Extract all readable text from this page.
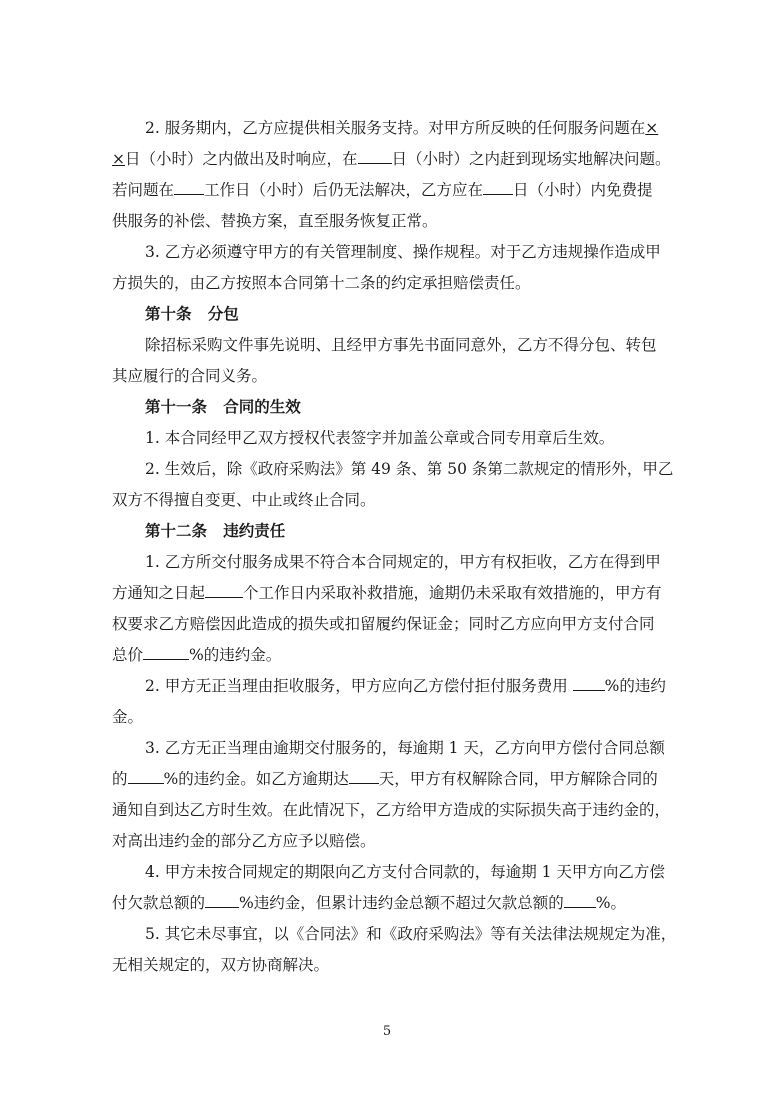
2. 服务期内，乙方应提供相关服务支持。对甲方所反映的任何服务问题在×
×日（小时）之内做出及时响应，在 日（小时）之内赶到现场实地解决问题。
若问题在 工作日（小时）后仍无法解决，乙方应在 日（小时）内免费提
供服务的补偿、替换方案，直至服务恢复正常。
3. 乙方必须遵守甲方的有关管理制度、操作规程。对于乙方违规操作造成甲
方损失的，由乙方按照本合同第十二条的约定承担赔偿责任。
第十条   分包
除招标采购文件事先说明、且经甲方事先书面同意外，乙方不得分包、转包
其应履行的合同义务。
第十一条   合同的生效
1. 本合同经甲乙双方授权代表签字并加盖公章或合同专用章后生效。
2. 生效后，除《政府采购法》第 49 条、第 50 条第二款规定的情形外，甲乙
双方不得擅自变更、中止或终止合同。
第十二条   违约责任
1. 乙方所交付服务成果不符合本合同规定的，甲方有权拒收，乙方在得到甲
方通知之日起 个工作日内采取补救措施，逾期仍未采取有效措施的，甲方有
权要求乙方赔偿因此造成的损失或扣留履约保证金；同时乙方应向甲方支付合同
总价	%的违约金。
2. 甲方无正当理由拒收服务，甲方应向乙方偿付拒付服务费用 %的违约
金。
3. 乙方无正当理由逾期交付服务的，每逾期 1 天，乙方向甲方偿付合同总额
的 %的违约金。如乙方逾期达 天，甲方有权解除合同，甲方解除合同的
通知自到达乙方时生效。在此情况下，乙方给甲方造成的实际损失高于违约金的，
对高出违约金的部分乙方应予以赔偿。
4. 甲方未按合同规定的期限向乙方支付合同款的，每逾期 1 天甲方向乙方偿
付欠款总额的 %违约金，但累计违约金总额不超过欠款总额的 %。
5. 其它未尽事宜，以《合同法》和《政府采购法》等有关法律法规规定为准，
无相关规定的，双方协商解决。
5
